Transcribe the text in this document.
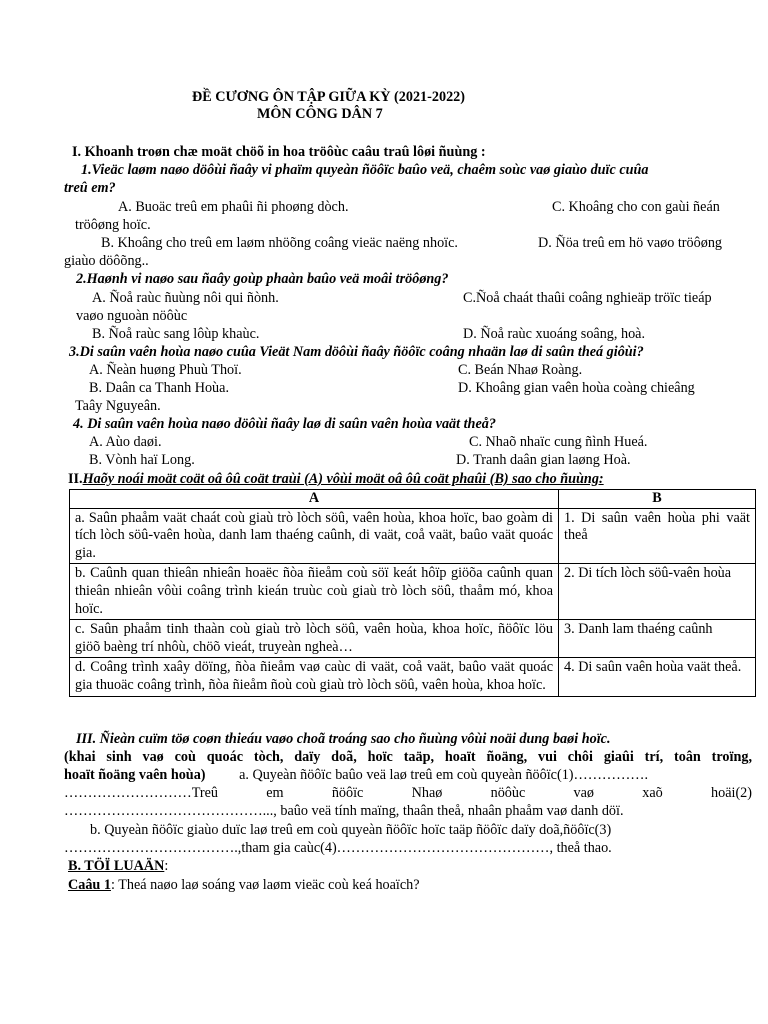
ĐỀ CƯƠNG ÔN TẬP GIỮA KỲ (2021-2022)
MÔN CÔNG DÂN 7
I. Khoanh troøn chæ moät chöõ in hoa tröôùc caâu traû lôøi ñuùng :
1.Vieäc laøm naøo döôùi ñaây vi phaïm quyeàn ñöôïc baûo veä, chaêm soùc vaø giaùo duïc cuûa
treû em?
A. Buoäc treû em phaûi ñi phoøng dòch.	C. Khoâng cho con gaùi ñeán
tröôøng hoïc.
B. Khoâng cho treû em laøm nhöõng coâng vieäc naëng nhoïc.	D. Ñöa treû em hö vaøo tröôøng
giaùo döôõng..
2.Haønh vi naøo sau ñaây goùp phaàn baûo veä moâi tröôøng?
A. Ñoå raùc ñuùng nôi qui ñònh.	C.Ñoå chaát thaûi coâng nghieäp tröïc tieáp
vaøo nguoàn nöôùc
B. Ñoå raùc sang lôùp khaùc.	D. Ñoå raùc xuoáng soâng, hoà.
3.Di saûn vaên hoùa naøo cuûa Vieät Nam döôùi ñaây ñöôïc coâng nhaän laø di saûn theá giôùi?
A. Ñeàn huøng Phuù Thoï.	C. Beán Nhaø Roàng.
B. Daân ca Thanh Hoùa.	D. Khoâng gian vaên hoùa coàng chieâng
Taây Nguyeân.
4. Di saûn vaên hoùa naøo döôùi ñaây laø di saûn vaên hoùa vaät theå?
A. Aùo daøi.	C. Nhaõ nhaïc cung ñình Hueá.
B. Vònh haï Long.	D. Tranh daân gian laøng Hoà.
II.Haõy noái moät coät oâ ôû coät traùi (A) vôùi moät oâ ôû coät phaûi (B) sao cho ñuùng:
A	B
a. Saûn phaåm vaät chaát coù giaù trò lòch söû, vaên hoùa, khoa hoïc, bao goàm di tích lòch söû-vaên hoùa, danh lam thaéng caûnh, di vaät, coå vaät, baûo vaät quoác gia.	1. Di saûn vaên hoùa phi vaät theå
b. Caûnh quan thieân nhieân hoaëc ñòa ñieåm coù söï keát hôïp giöõa caûnh quan thieân nhieân vôùi coâng trình kieán truùc coù giaù trò lòch söû, thaåm mó, khoa hoïc.	2. Di tích lòch söû-vaên hoùa
c. Saûn phaåm tinh thaàn coù giaù trò lòch söû, vaên hoùa, khoa hoïc, ñöôïc löu giöõ baèng trí nhôù, chöõ vieát, truyeàn ngheà…	3. Danh lam thaéng caûnh
d. Coâng trình xaây döïng, ñòa ñieåm vaø caùc di vaät, coå vaät, baûo vaät quoác gia thuoäc coâng trình, ñòa ñieåm ñoù coù giaù trò lòch söû, vaên hoùa, khoa hoïc.	4. Di saûn vaên hoùa vaät theå.
III. Ñieàn cuïm töø coøn thieáu vaøo choã troáng sao cho ñuùng vôùi noäi dung baøi hoïc.
(khai sinh vaø coù quoác tòch, daïy doã, hoïc taäp, hoaït ñoäng, vui chôi giaûi trí, toân troïng,
hoaït ñoäng vaên hoùa) a. Quyeàn ñöôïc baûo veä laø treû em coù quyeàn ñöôïc(1)…………….
………………………Treû em ñöôïc Nhaø nöôùc vaø xaõ hoäi(2)
……………………………………..., baûo veä tính maïng, thaân theå, nhaân phaåm vaø danh döï.
b. Quyeàn ñöôïc giaùo duïc laø treû em coù quyeàn ñöôïc hoïc taäp ñöôïc daïy doã,ñöôïc(3)
……………………………….,tham gia caùc(4)………………………………………, theå thao.
B. TÖÏ LUAÄN:
Caâu 1: Theá naøo laø soáng vaø laøm vieäc coù keá hoaïch?
